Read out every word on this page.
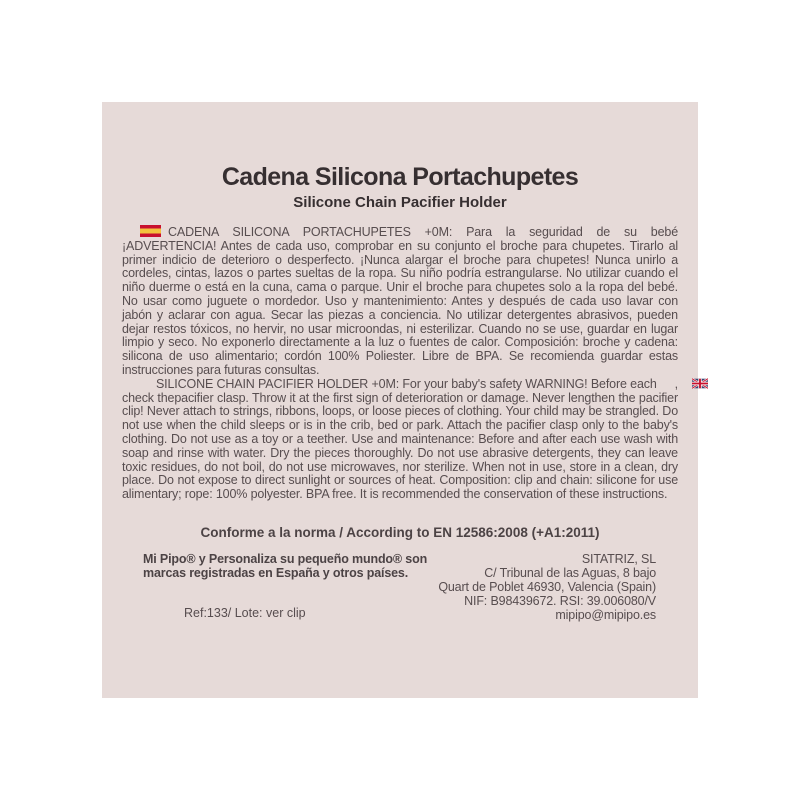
Cadena Silicona Portachupetes
Silicone Chain Pacifier Holder

CADENA SILICONA PORTACHUPETES +0M: Para la seguridad de su bebé ¡ADVERTENCIA! Antes de cada uso, comprobar en su conjunto el broche para chupetes. Tirarlo al primer indicio de deterioro o desperfecto. ¡Nunca alargar el broche para chupetes! Nunca unirlo a cordeles, cintas, lazos o partes sueltas de la ropa. Su niño podría estrangularse. No utilizar cuando el niño duerme o está en la cuna, cama o parque. Unir el broche para chupetes solo a la ropa del bebé. No usar como juguete o mordedor. Uso y mantenimiento: Antes y después de cada uso lavar con jabón y aclarar con agua. Secar las piezas a conciencia. No utilizar detergentes abrasivos, pueden dejar restos tóxicos, no hervir, no usar microondas, ni esterilizar. Cuando no se use, guardar en lugar limpio y seco. No exponerlo directamente a la luz o fuentes de calor. Composición: broche y cadena: silicona de uso alimentario; cordón 100% Poliester. Libre de BPA. Se recomienda guardar estas instrucciones para futuras consultas.

SILICONE CHAIN PACIFIER HOLDER +0M: For your baby's safety WARNING! Before each , check thepacifier clasp. Throw it at the first sign of deterioration or damage. Never lengthen the pacifier clip! Never attach to strings, ribbons, loops, or loose pieces of clothing. Your child may be strangled. Do not use when the child sleeps or is in the crib, bed or park. Attach the pacifier clasp only to the baby's clothing. Do not use as a toy or a teether. Use and maintenance: Before and after each use wash with soap and rinse with water. Dry the pieces thoroughly. Do not use abrasive detergents, they can leave toxic residues, do not boil, do not use microwaves, nor sterilize. When not in use, store in a clean, dry place. Do not expose to direct sunlight or sources of heat. Composition: clip and chain: silicone for use alimentary; rope: 100% polyester. BPA free. It is recommended the conservation of these instructions.

Conforme a la norma / According to EN 12586:2008 (+A1:2011)

Mi Pipo® y Personaliza su pequeño mundo® son
marcas registradas en España y otros países.
Ref:133/ Lote: ver clip
SITATRIZ, SL
C/ Tribunal de las Aguas, 8 bajo
Quart de Poblet 46930, Valencia (Spain)
NIF: B98439672. RSI: 39.006080/V
mipipo@mipipo.es
